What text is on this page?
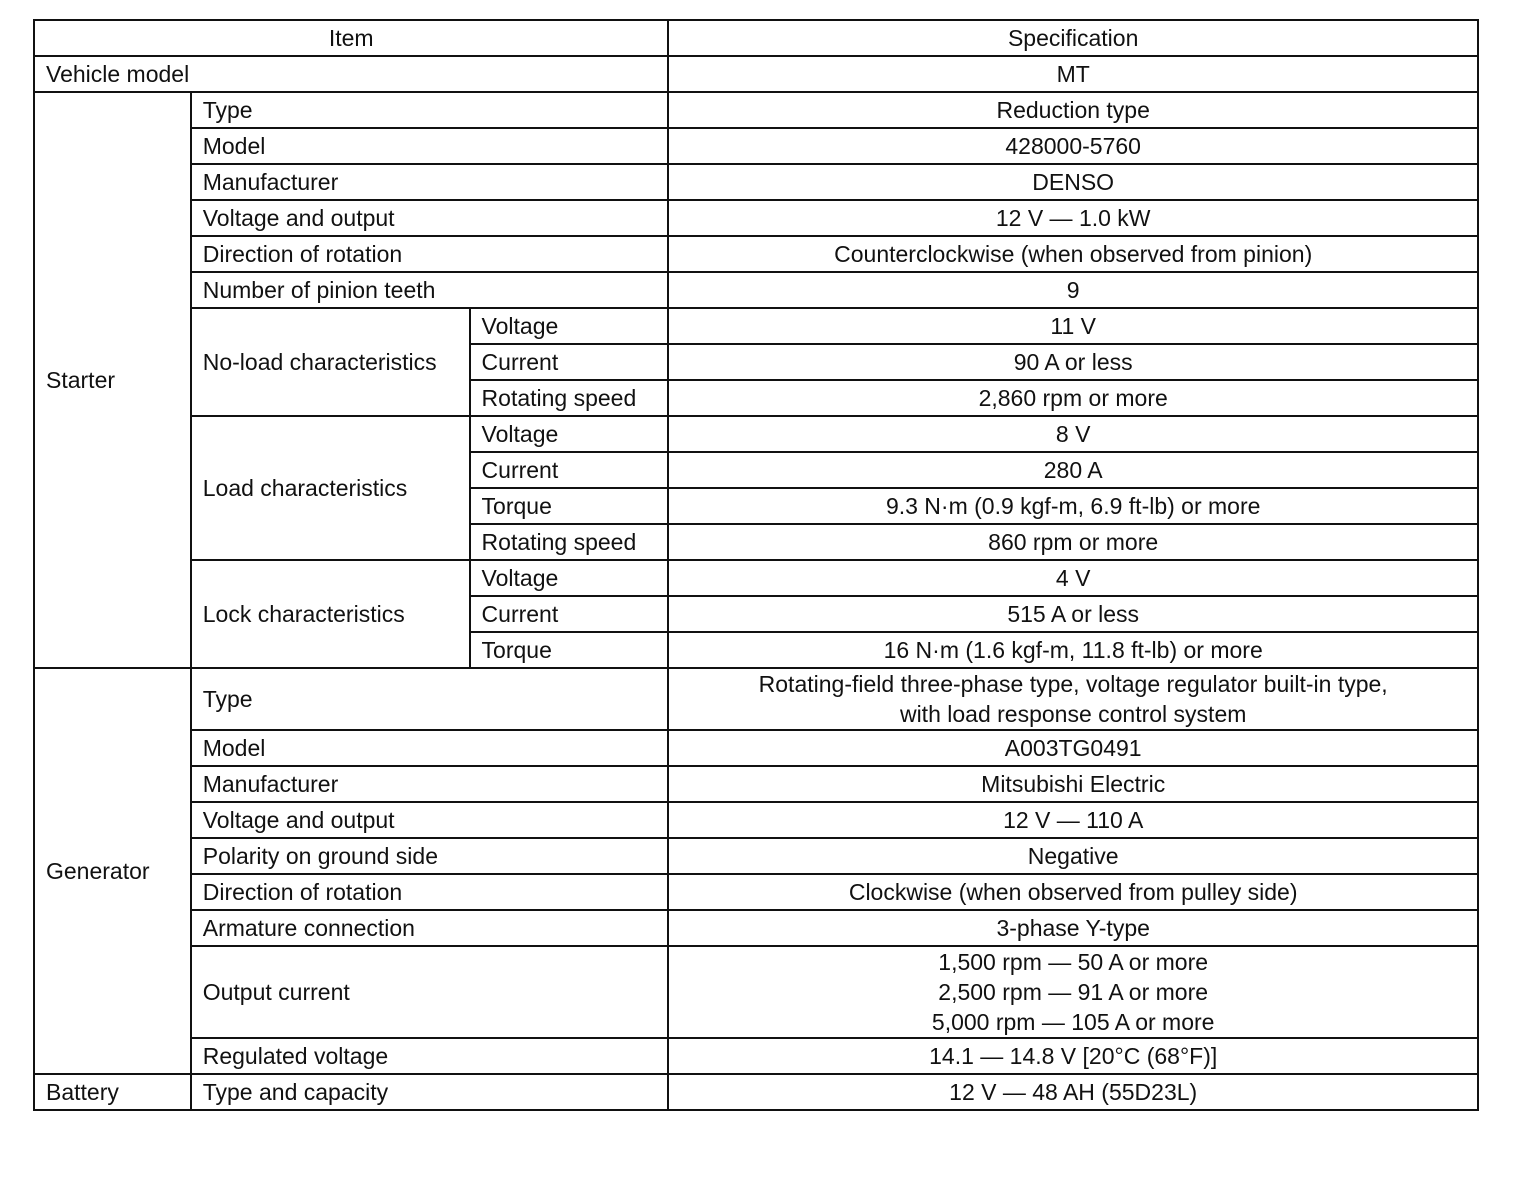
Item			Specification
Vehicle model			MT
Starter	Type		Reduction type
	Model		428000-5760
	Manufacturer		DENSO
	Voltage and output		12 V — 1.0 kW
	Direction of rotation		Counterclockwise (when observed from pinion)
	Number of pinion teeth		9
	No-load characteristics	Voltage	11 V
		Current	90 A or less
		Rotating speed	2,860 rpm or more
	Load characteristics	Voltage	8 V
		Current	280 A
		Torque	9.3 N·m (0.9 kgf-m, 6.9 ft-lb) or more
		Rotating speed	860 rpm or more
	Lock characteristics	Voltage	4 V
		Current	515 A or less
		Torque	16 N·m (1.6 kgf-m, 11.8 ft-lb) or more
Generator	Type		Rotating-field three-phase type, voltage regulator built-in type,
with load response control system

	Model		A003TG0491
	Manufacturer		Mitsubishi Electric
	Voltage and output		12 V — 110 A
	Polarity on ground side		Negative
	Direction of rotation		Clockwise (when observed from pulley side)
	Armature connection		3-phase Y-type
	Output current		1,500 rpm — 50 A or more
2,500 rpm — 91 A or more
5,000 rpm — 105 A or more

	Regulated voltage		14.1 — 14.8 V [20°C (68°F)]
Battery	Type and capacity		12 V — 48 AH (55D23L)
